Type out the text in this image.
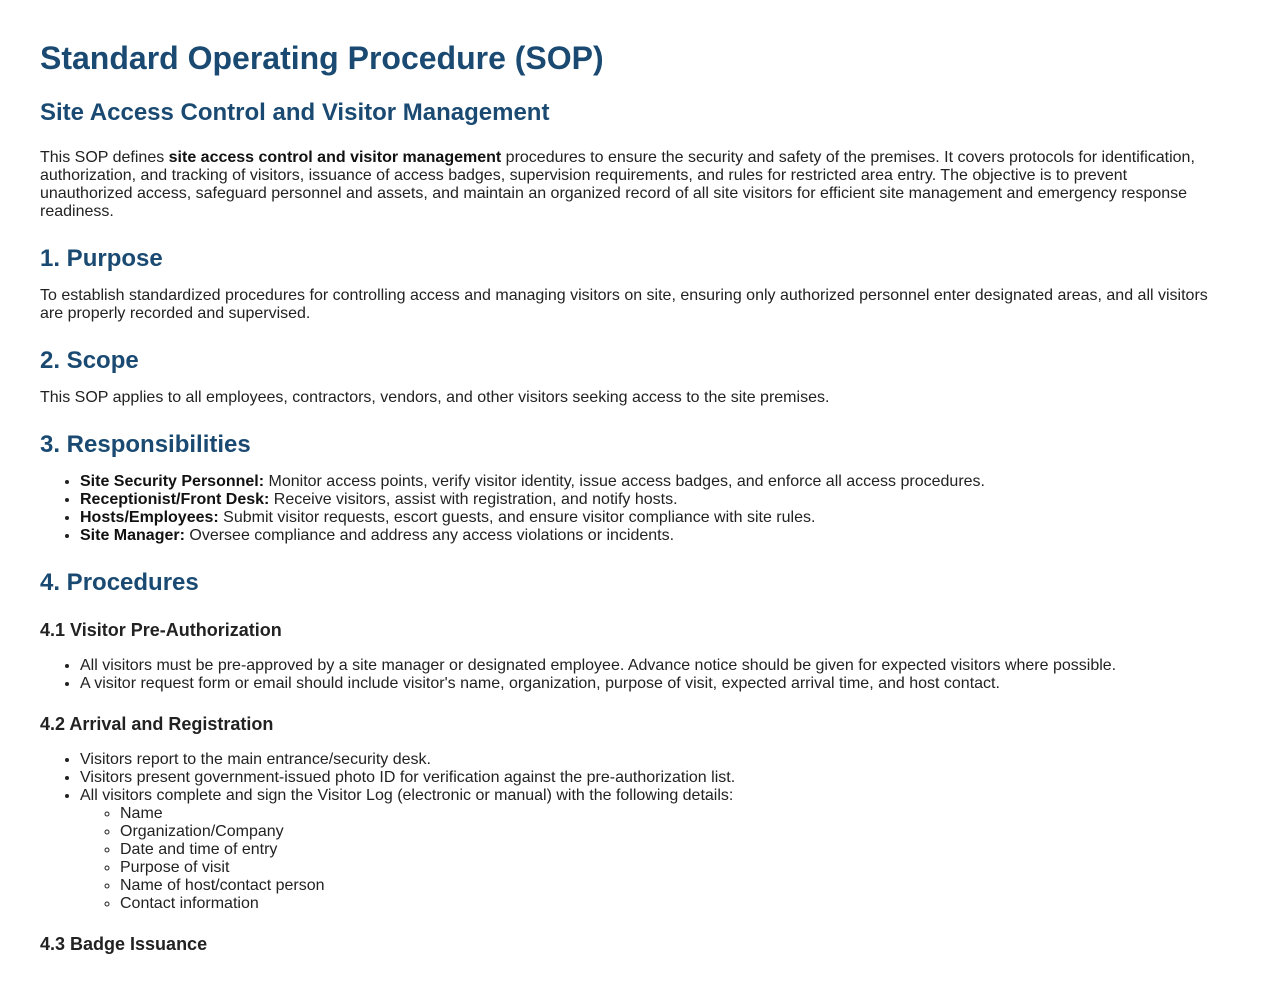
Standard Operating Procedure (SOP)
Site Access Control and Visitor Management

This SOP defines site access control and visitor management procedures to ensure the security and safety of the premises. It covers protocols for identification, authorization, and tracking of visitors, issuance of access badges, supervision requirements, and rules for restricted area entry. The objective is to prevent unauthorized access, safeguard personnel and assets, and maintain an organized record of all site visitors for efficient site management and emergency response readiness.

1. Purpose

To establish standardized procedures for controlling access and managing visitors on site, ensuring only authorized personnel enter designated areas, and all visitors are properly recorded and supervised.

2. Scope

This SOP applies to all employees, contractors, vendors, and other visitors seeking access to the site premises.

3. Responsibilities
• Site Security Personnel: Monitor access points, verify visitor identity, issue access badges, and enforce all access procedures.
• Receptionist/Front Desk: Receive visitors, assist with registration, and notify hosts.
• Hosts/Employees: Submit visitor requests, escort guests, and ensure visitor compliance with site rules.
• Site Manager: Oversee compliance and address any access violations or incidents.
4. Procedures
4.1 Visitor Pre-Authorization
• All visitors must be pre-approved by a site manager or designated employee. Advance notice should be given for expected visitors where possible.
• A visitor request form or email should include visitor's name, organization, purpose of visit, expected arrival time, and host contact.
4.2 Arrival and Registration
• Visitors report to the main entrance/security desk.
• Visitors present government-issued photo ID for verification against the pre-authorization list.
• All visitors complete and sign the Visitor Log (electronic or manual) with the following details:
◦ Name
◦ Organization/Company
◦ Date and time of entry
◦ Purpose of visit
◦ Name of host/contact person
◦ Contact information
4.3 Badge Issuance
